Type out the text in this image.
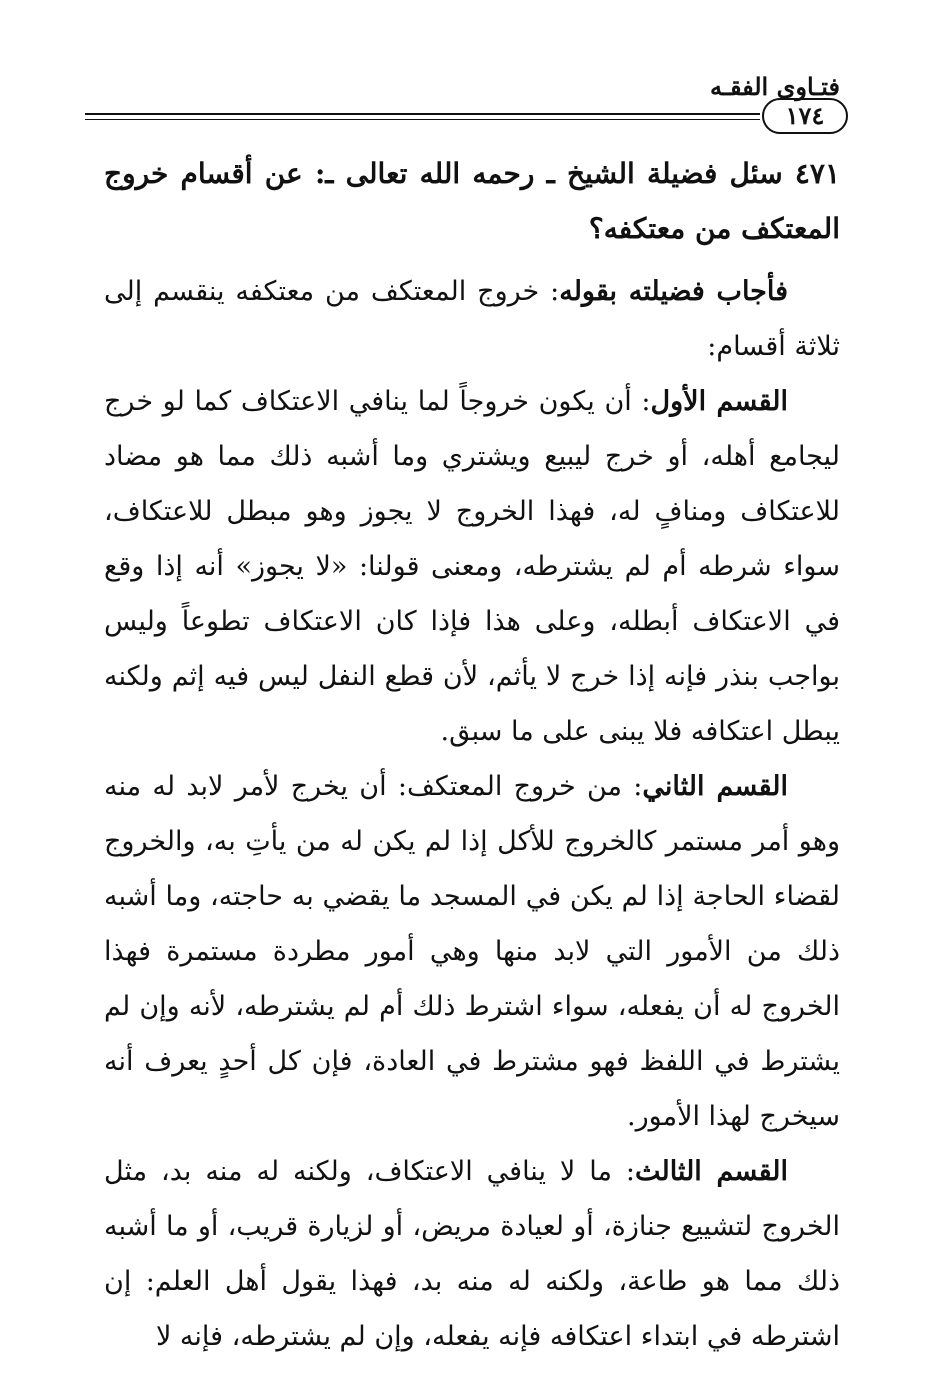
فتـاوى الفقـه
١٧٤

٤٧١ سئل فضيلة الشيخ ـ رحمه الله تعالى ـ: عن أقسام خروج المعتكف من معتكفه؟

فأجاب فضيلته بقوله: خروج المعتكف من معتكفه ينقسم إلى ثلاثة أقسام:

القسم الأول: أن يكون خروجاً لما ينافي الاعتكاف كما لو خرج ليجامع أهله، أو خرج ليبيع ويشتري وما أشبه ذلك مما هو مضاد للاعتكاف ومنافٍ له، فهذا الخروج لا يجوز وهو مبطل للاعتكاف، سواء شرطه أم لم يشترطه، ومعنى قولنا: «لا يجوز» أنه إذا وقع في الاعتكاف أبطله، وعلى هذا فإذا كان الاعتكاف تطوعاً وليس بواجب بنذر فإنه إذا خرج لا يأثم، لأن قطع النفل ليس فيه إثم ولكنه يبطل اعتكافه فلا يبنى على ما سبق.

القسم الثاني: من خروج المعتكف: أن يخرج لأمر لابد له منه وهو أمر مستمر كالخروج للأكل إذا لم يكن له من يأتِ به، والخروج لقضاء الحاجة إذا لم يكن في المسجد ما يقضي به حاجته، وما أشبه ذلك من الأمور التي لابد منها وهي أمور مطردة مستمرة فهذا الخروج له أن يفعله، سواء اشترط ذلك أم لم يشترطه، لأنه وإن لم يشترط في اللفظ فهو مشترط في العادة، فإن كل أحدٍ يعرف أنه سيخرج لهذا الأمور.

القسم الثالث: ما لا ينافي الاعتكاف، ولكنه له منه بد، مثل الخروج لتشييع جنازة، أو لعيادة مريض، أو لزيارة قريب، أو ما أشبه ذلك مما هو طاعة، ولكنه له منه بد، فهذا يقول أهل العلم: إن اشترطه في ابتداء اعتكافه فإنه يفعله، وإن لم يشترطه، فإنه لا
